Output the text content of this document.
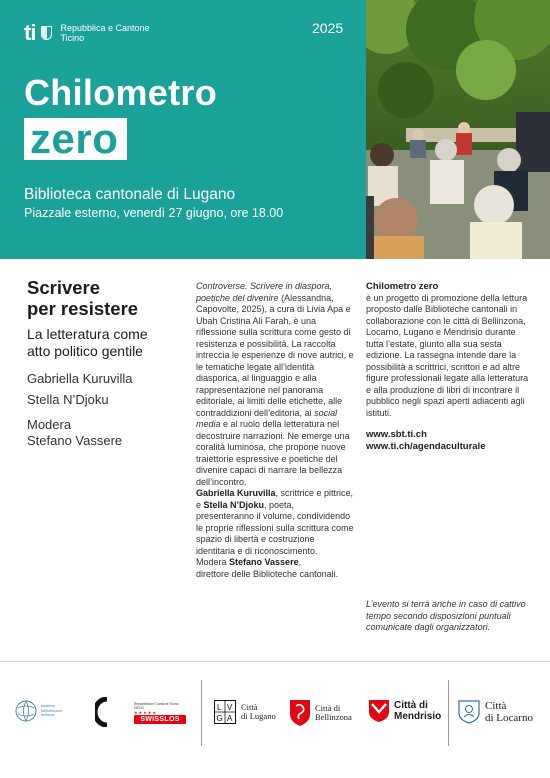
ti	Repubblica e Cantone
Ticino
2025
Chilometro
zero
Biblioteca cantonale di Lugano
Piazzale esterno, venerdì 27 giugno, ore 18.00
Scrivere
per resistere
La letteratura come
atto politico gentile
Gabriella Kuruvilla
Stella N’Djoku
Modera
Stefano Vassere

Controverse. Scrivere in diaspora, poetiche del divenire (Alessandna, Capovolte, 2025), a cura di Livia Apa e Ubah Cristina Ali Farah, è una riflessione sulla scrittura come gesto di resistenza e possibilità. La raccolta intreccia le esperienze di nove autrici, e le tematiche legate all’identità diasporica, al linguaggio e alla rappresentazione nel panorama editoriale, ai limiti delle etichette, alle contraddizioni dell’editoria, ai social media e al ruolo della letteratura nel decostruire narrazioni. Ne emerge una coralità luminosa, che propone nuove traiettorie espressive e poetiche del divenire capaci di narrare la bellezza dell’incontro.

Gabriella Kuruvilla, scrittrice e pittrice, e Stella N’Djoku, poeta, presenteranno il volume, condividendo le proprie riflessioni sulla scrittura come spazio di libertà e costruzione identitaria e di riconoscimento.

Modera Stefano Vassere,
direttore delle Biblioteche cantonali.

Chilometro zero
è un progetto di promozione della lettura proposto dalle Biblioteche cantonali in collaborazione con le città di Bellinzona, Locarno, Lugano e Mendrisio durante tutta l’estate, giunto alla sua sesta edizione. La rassegna intende dare la possibilità a scrittrici, scrittori e ad altre figure professionali legate alla letteratura e alla produzione di libri di incontrare il pubblico negli spazi aperti adiacenti agli istituti.
www.sbt.ti.ch
www.ti.ch/agendaculturale
L’evento si terrà anche in caso di cattivo tempo secondo disposizioni puntuali comunicate dagli organizzatori.
sistema
bibliotecario
ticinese
Repubblica e Cantone Ticino DECS
★★★★★
SWISSLOS
L V
G A
Città
di Lugano
Città di
Bellinzona
Città di
Mendrisio
Città
di Locarno
